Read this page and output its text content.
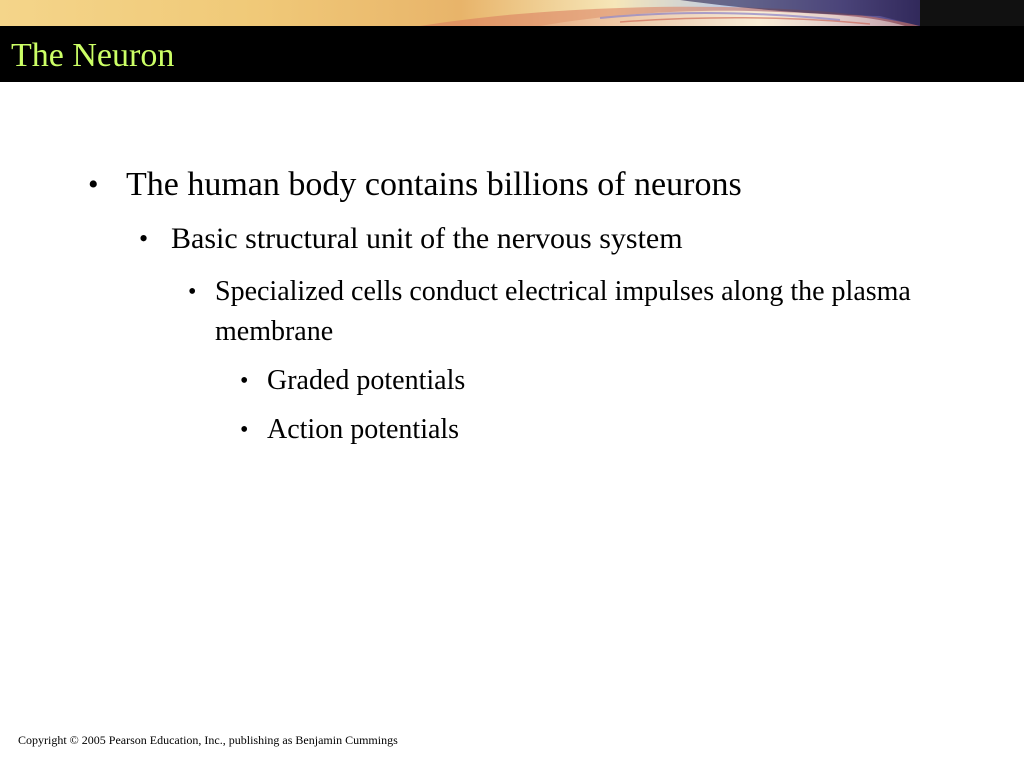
The Neuron
• The human body contains billions of neurons
• Basic structural unit of the nervous system
• Specialized cells conduct electrical impulses along the plasma membrane
• Graded potentials
• Action potentials
Copyright © 2005 Pearson Education, Inc., publishing as Benjamin Cummings
